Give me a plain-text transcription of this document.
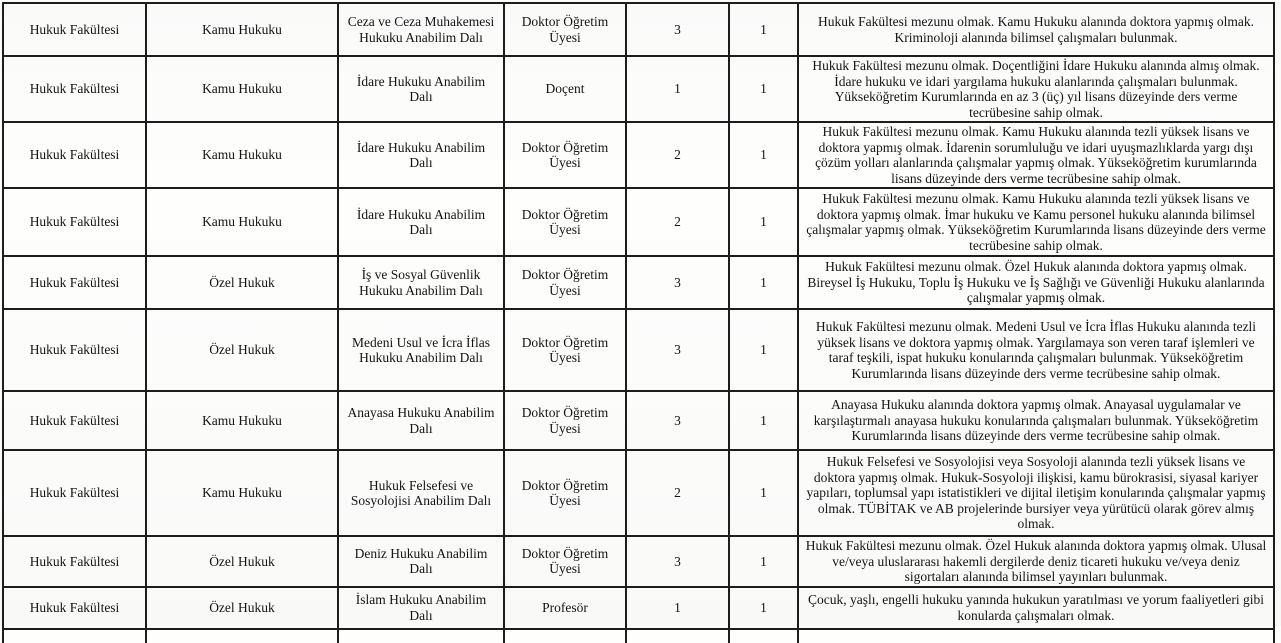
Hukuk Fakültesi	Kamu Hukuku	Ceza ve Ceza Muhakemesi Hukuku Anabilim Dalı	Doktor Öğretim Üyesi	3	1	Hukuk Fakültesi mezunu olmak. Kamu Hukuku alanında doktora yapmış olmak. Kriminoloji alanında bilimsel çalışmaları bulunmak.
Hukuk Fakültesi	Kamu Hukuku	İdare Hukuku Anabilim Dalı	Doçent	1	1	Hukuk Fakültesi mezunu olmak. Doçentliğini İdare Hukuku alanında almış olmak. İdare hukuku ve idari yargılama hukuku alanlarında çalışmaları bulunmak. Yükseköğretim Kurumlarında en az 3 (üç) yıl lisans düzeyinde ders verme tecrübesine sahip olmak.
Hukuk Fakültesi	Kamu Hukuku	İdare Hukuku Anabilim Dalı	Doktor Öğretim Üyesi	2	1	Hukuk Fakültesi mezunu olmak. Kamu Hukuku alanında tezli yüksek lisans ve doktora yapmış olmak. İdarenin sorumluluğu ve idari uyuşmazlıklarda yargı dışı çözüm yolları alanlarında çalışmalar yapmış olmak. Yükseköğretim kurumlarında lisans düzeyinde ders verme tecrübesine sahip olmak.
Hukuk Fakültesi	Kamu Hukuku	İdare Hukuku Anabilim Dalı	Doktor Öğretim Üyesi	2	1	Hukuk Fakültesi mezunu olmak. Kamu Hukuku alanında tezli yüksek lisans ve doktora yapmış olmak. İmar hukuku ve Kamu personel hukuku alanında bilimsel çalışmalar yapmış olmak. Yükseköğretim Kurumlarında lisans düzeyinde ders verme tecrübesine sahip olmak.
Hukuk Fakültesi	Özel Hukuk	İş ve Sosyal Güvenlik Hukuku Anabilim Dalı	Doktor Öğretim Üyesi	3	1	Hukuk Fakültesi mezunu olmak. Özel Hukuk alanında doktora yapmış olmak. Bireysel İş Hukuku, Toplu İş Hukuku ve İş Sağlığı ve Güvenliği Hukuku alanlarında çalışmalar yapmış olmak.
Hukuk Fakültesi	Özel Hukuk	Medeni Usul ve İcra İflas Hukuku Anabilim Dalı	Doktor Öğretim Üyesi	3	1	Hukuk Fakültesi mezunu olmak. Medeni Usul ve İcra İflas Hukuku alanında tezli yüksek lisans ve doktora yapmış olmak. Yargılamaya son veren taraf işlemleri ve taraf teşkili, ispat hukuku konularında çalışmaları bulunmak. Yükseköğretim Kurumlarında lisans düzeyinde ders verme tecrübesine sahip olmak.
Hukuk Fakültesi	Kamu Hukuku	Anayasa Hukuku Anabilim Dalı	Doktor Öğretim Üyesi	3	1	Anayasa Hukuku alanında doktora yapmış olmak. Anayasal uygulamalar ve karşılaştırmalı anayasa hukuku konularında çalışmaları bulunmak. Yükseköğretim Kurumlarında lisans düzeyinde ders verme tecrübesine sahip olmak.
Hukuk Fakültesi	Kamu Hukuku	Hukuk Felsefesi ve Sosyolojisi Anabilim Dalı	Doktor Öğretim Üyesi	2	1	Hukuk Felsefesi ve Sosyolojisi veya Sosyoloji alanında tezli yüksek lisans ve doktora yapmış olmak. Hukuk-Sosyoloji ilişkisi, kamu bürokrasisi, siyasal kariyer yapıları, toplumsal yapı istatistikleri ve dijital iletişim konularında çalışmalar yapmış olmak. TÜBİTAK ve AB projelerinde bursiyer veya yürütücü olarak görev almış olmak.
Hukuk Fakültesi	Özel Hukuk	Deniz Hukuku Anabilim Dalı	Doktor Öğretim Üyesi	3	1	Hukuk Fakültesi mezunu olmak. Özel Hukuk alanında doktora yapmış olmak. Ulusal ve/veya uluslararası hakemli dergilerde deniz ticareti hukuku ve/veya deniz sigortaları alanında bilimsel yayınları bulunmak.
Hukuk Fakültesi	Özel Hukuk	İslam Hukuku Anabilim Dalı	Profesör	1	1	Çocuk, yaşlı, engelli hukuku yanında hukukun yaratılması ve yorum faaliyetleri gibi konularda çalışmaları olmak.
